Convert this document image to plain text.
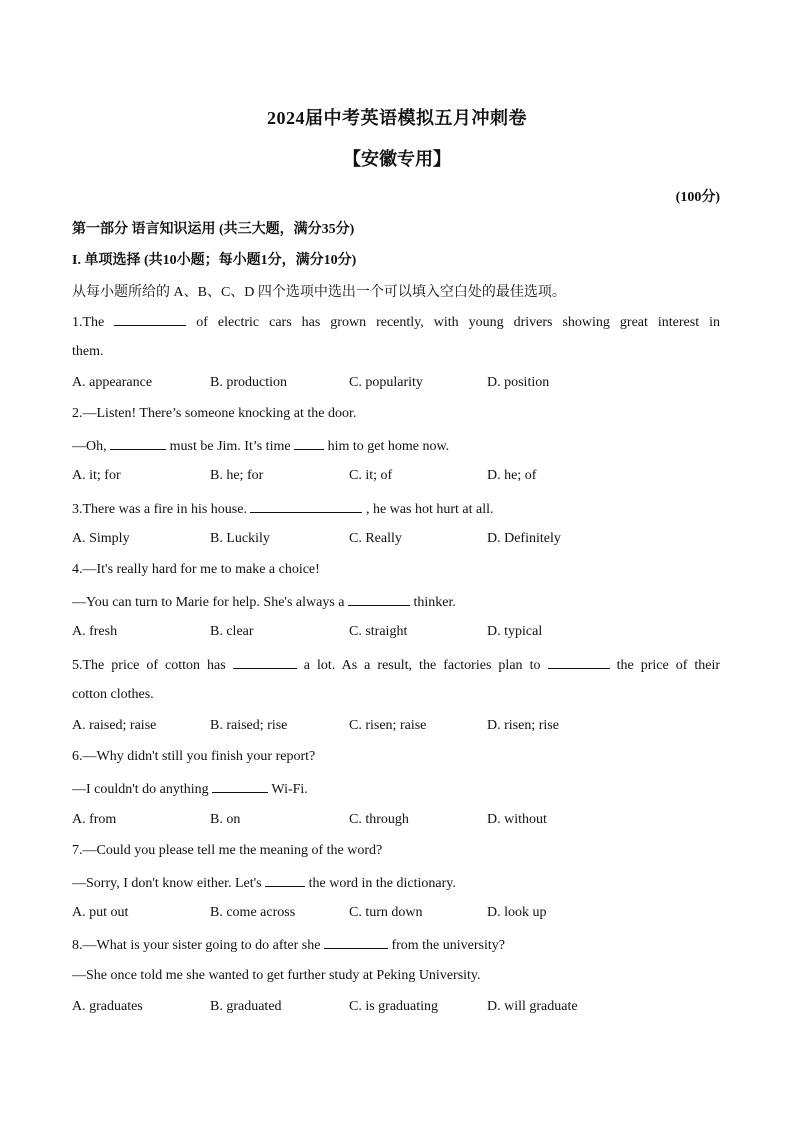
2024届中考英语模拟五月冲刺卷
【安徽专用】
(100分)
第一部分 语言知识运用 (共三大题，满分35分)
I. 单项选择 (共10小题；每小题1分，满分10分)
从每小题所给的 A、B、C、D 四个选项中选出一个可以填入空白处的最佳选项。
1.The	of electric cars has grown recently, with young drivers showing great interest in
them.
A. appearance	B. production	C. popularity	D. position
2.—Listen! There’s someone knocking at the door.
—Oh,	must be Jim. It’s time	him to get home now.
A. it; for	B. he; for	C. it; of	D. he; of
3.There was a fire in his house.	, he was hot hurt at all.
A. Simply	B. Luckily	C. Really	D. Definitely
4.—It's really hard for me to make a choice!
—You can turn to Marie for help. She's always a	thinker.
A. fresh	B. clear	C. straight	D. typical
5.The price of cotton has	a lot. As a result, the factories plan to	the price of their
cotton clothes.
A. raised; raise	B. raised; rise	C. risen; raise	D. risen; rise
6.—Why didn't still you finish your report?
—I couldn't do anything	Wi-Fi.
A. from	B. on	C. through	D. without
7.—Could you please tell me the meaning of the word?
—Sorry, I don't know either. Let's	the word in the dictionary.
A. put out	B. come across	C. turn down	D. look up
8.—What is your sister going to do after she	from the university?
—She once told me she wanted to get further study at Peking University.
A. graduates	B. graduated	C. is graduating	D. will graduate
